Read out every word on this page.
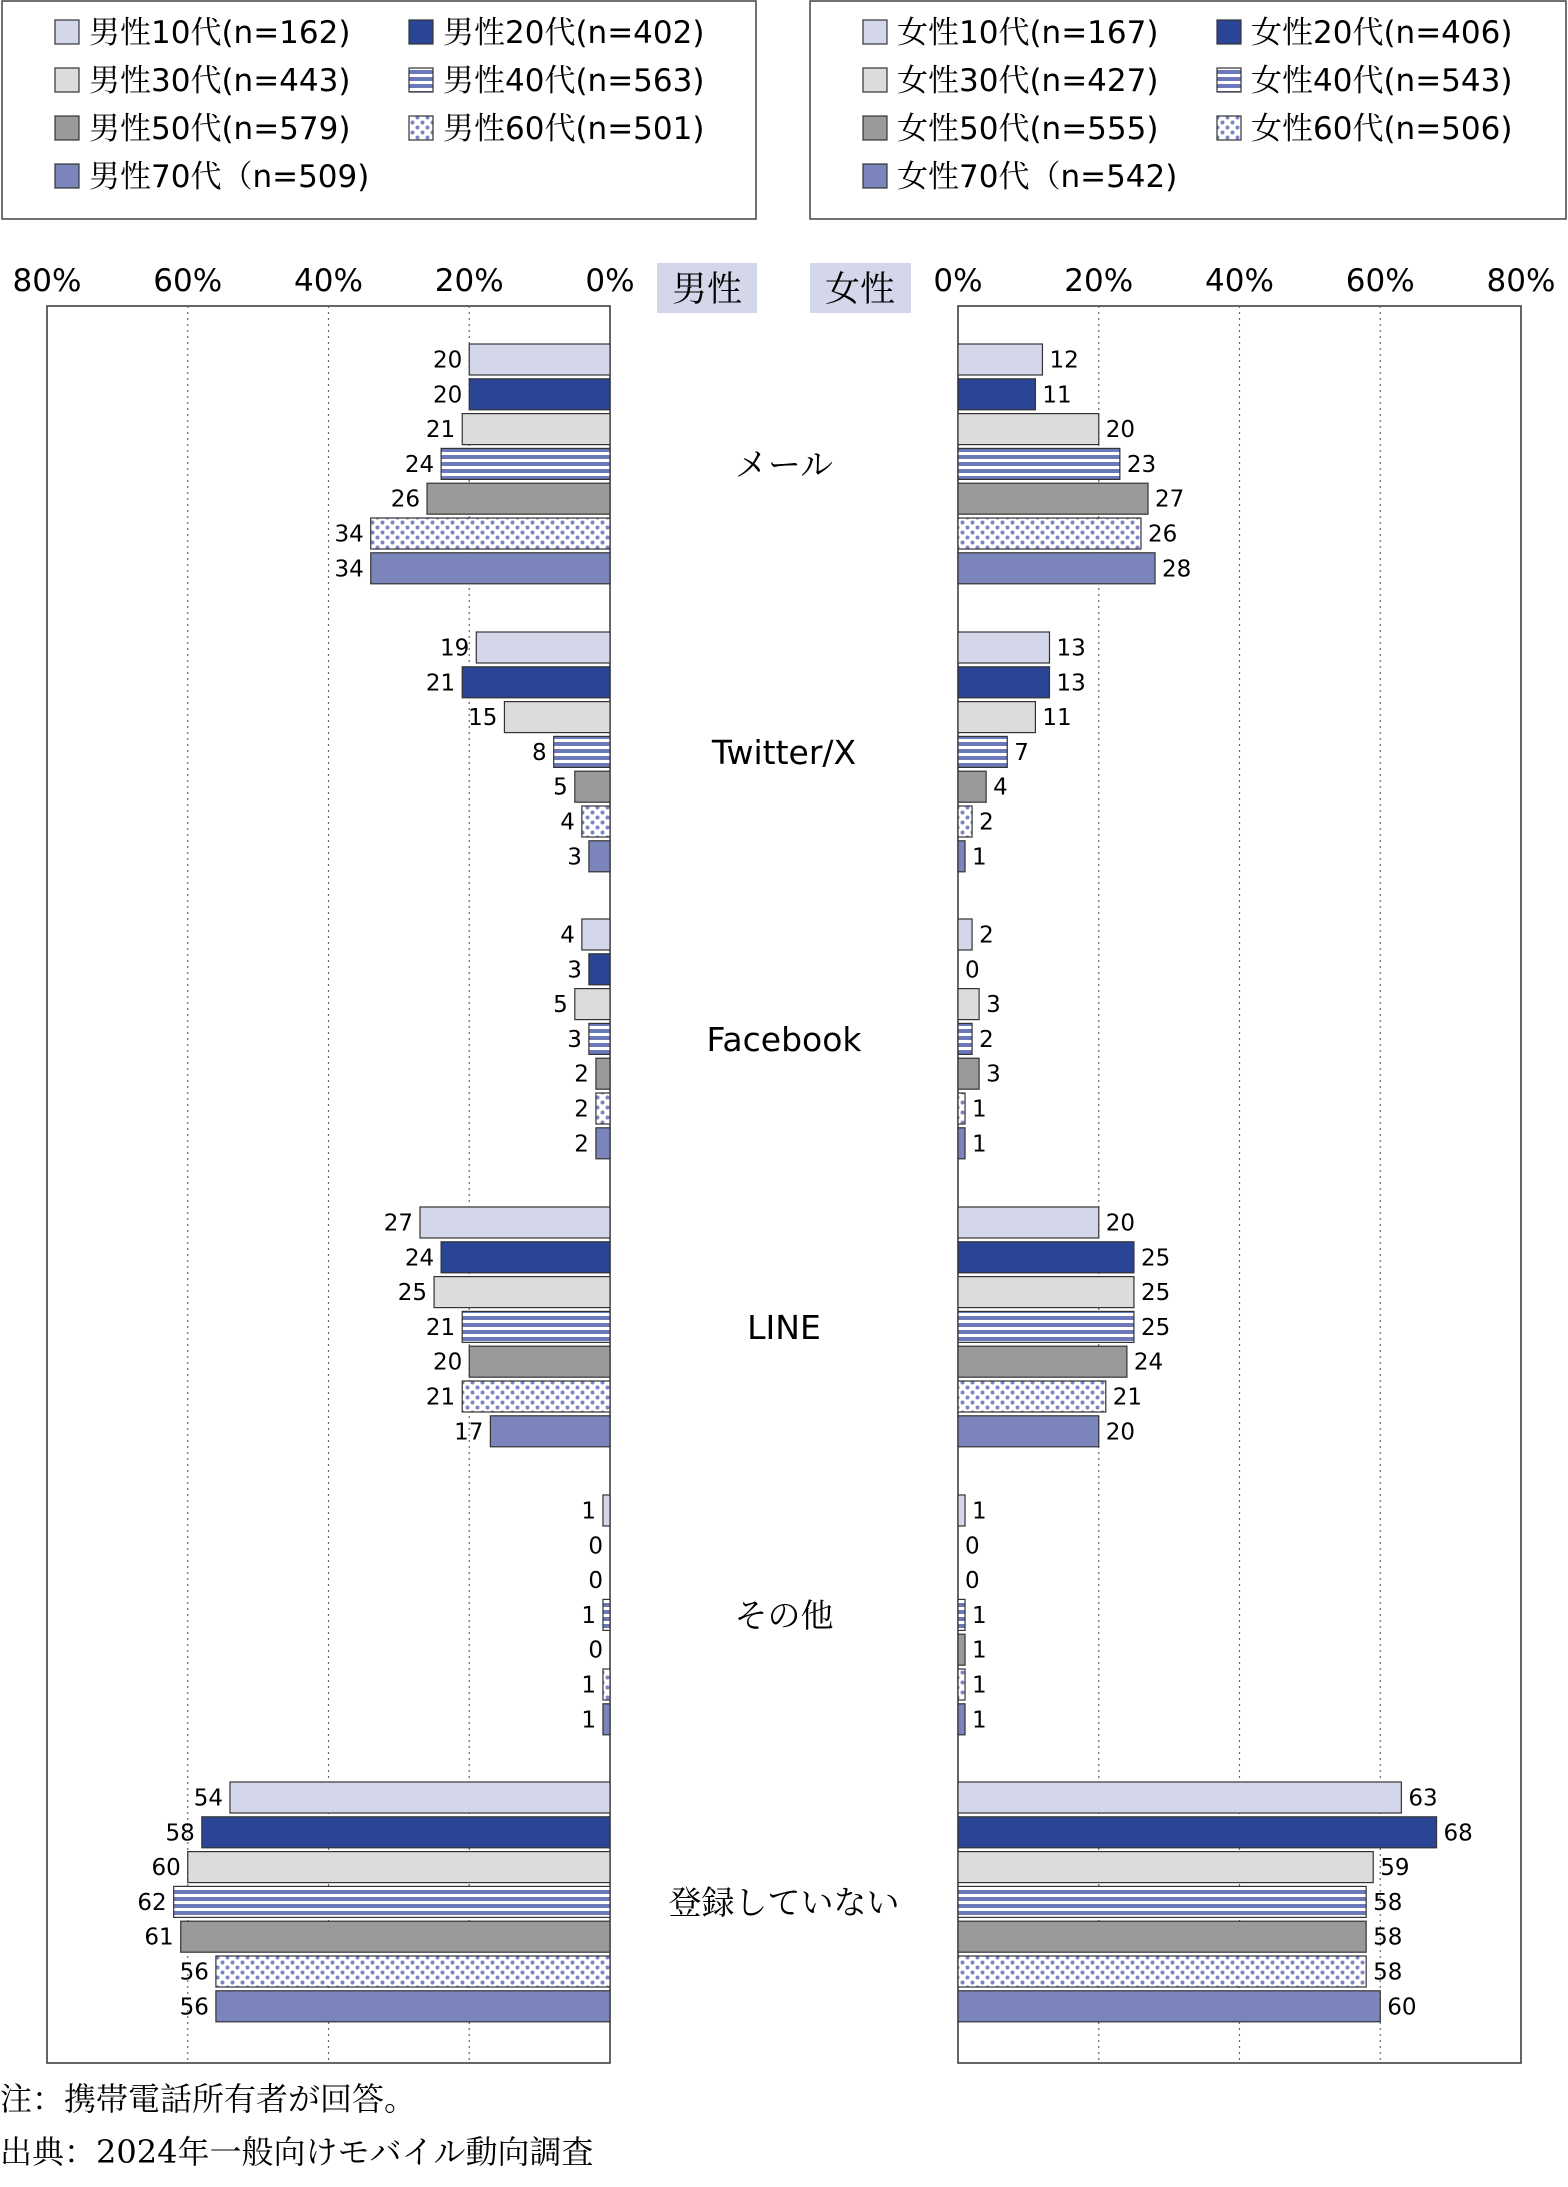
男性10代(n=162)	男性20代(n=402)
男性30代(n=443)	男性40代(n=563)
男性50代(n=579)	男性60代(n=501)
男性70代（n=509)
女性10代(n=167)	女性20代(n=406)
女性30代(n=427)	女性40代(n=543)
女性50代(n=555)	女性60代(n=506)
女性70代（n=542)
0%	0%
20%	20%
40%	40%
60%	60%
80%	80%
男性 女性
メール
Twitter/X
Facebook
LINE
その他
登録していない
20
19
4
27
1
54
20
21
3
24
0
58
21
15
5
25
0
60
24
8
3
21
1
62
26
5
2
20
0
61
34
4
2
21
1
56
34
3
2
17
1
56
12
13
2
20
1
63
11
13
0
25
0
68
20
11
3
25
0
59
23
7
2
25
1
58
27
4
3
24
1
58
26
2
1
21
1
58
28
1
1
20
1
60
注：携帯電話所有者が回答。
出典：2024年一般向けモバイル動向調査
